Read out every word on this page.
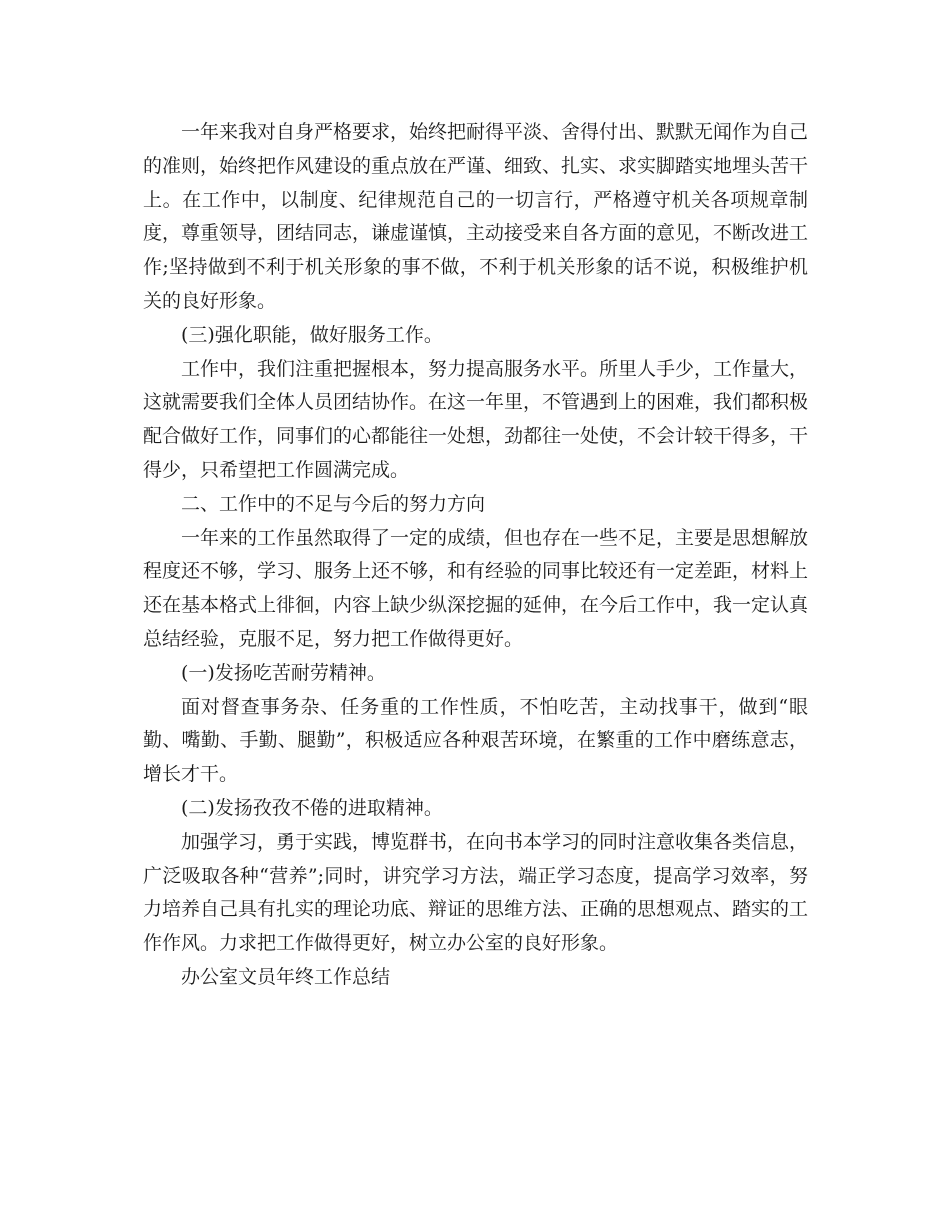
一年来我对自身严格要求，始终把耐得平淡、舍得付出、默默无闻作为自己的准则，始终把作风建设的重点放在严谨、细致、扎实、求实脚踏实地埋头苦干上。在工作中，以制度、纪律规范自己的一切言行，严格遵守机关各项规章制度，尊重领导，团结同志，谦虚谨慎，主动接受来自各方面的意见，不断改进工作;坚持做到不利于机关形象的事不做，不利于机关形象的话不说，积极维护机关的良好形象。

(三)强化职能，做好服务工作。

工作中，我们注重把握根本，努力提高服务水平。所里人手少，工作量大，这就需要我们全体人员团结协作。在这一年里，不管遇到上的困难，我们都积极配合做好工作，同事们的心都能往一处想，劲都往一处使，不会计较干得多，干得少，只希望把工作圆满完成。

二、工作中的不足与今后的努力方向

一年来的工作虽然取得了一定的成绩，但也存在一些不足，主要是思想解放程度还不够，学习、服务上还不够，和有经验的同事比较还有一定差距，材料上还在基本格式上徘徊，内容上缺少纵深挖掘的延伸，在今后工作中，我一定认真总结经验，克服不足，努力把工作做得更好。

(一)发扬吃苦耐劳精神。

面对督查事务杂、任务重的工作性质，不怕吃苦，主动找事干，做到“眼勤、嘴勤、手勤、腿勤”，积极适应各种艰苦环境，在繁重的工作中磨练意志，增长才干。

(二)发扬孜孜不倦的进取精神。

加强学习，勇于实践，博览群书，在向书本学习的同时注意收集各类信息，广泛吸取各种“营养”;同时，讲究学习方法，端正学习态度，提高学习效率，努力培养自己具有扎实的理论功底、辩证的思维方法、正确的思想观点、踏实的工作作风。力求把工作做得更好，树立办公室的良好形象。

办公室文员年终工作总结
